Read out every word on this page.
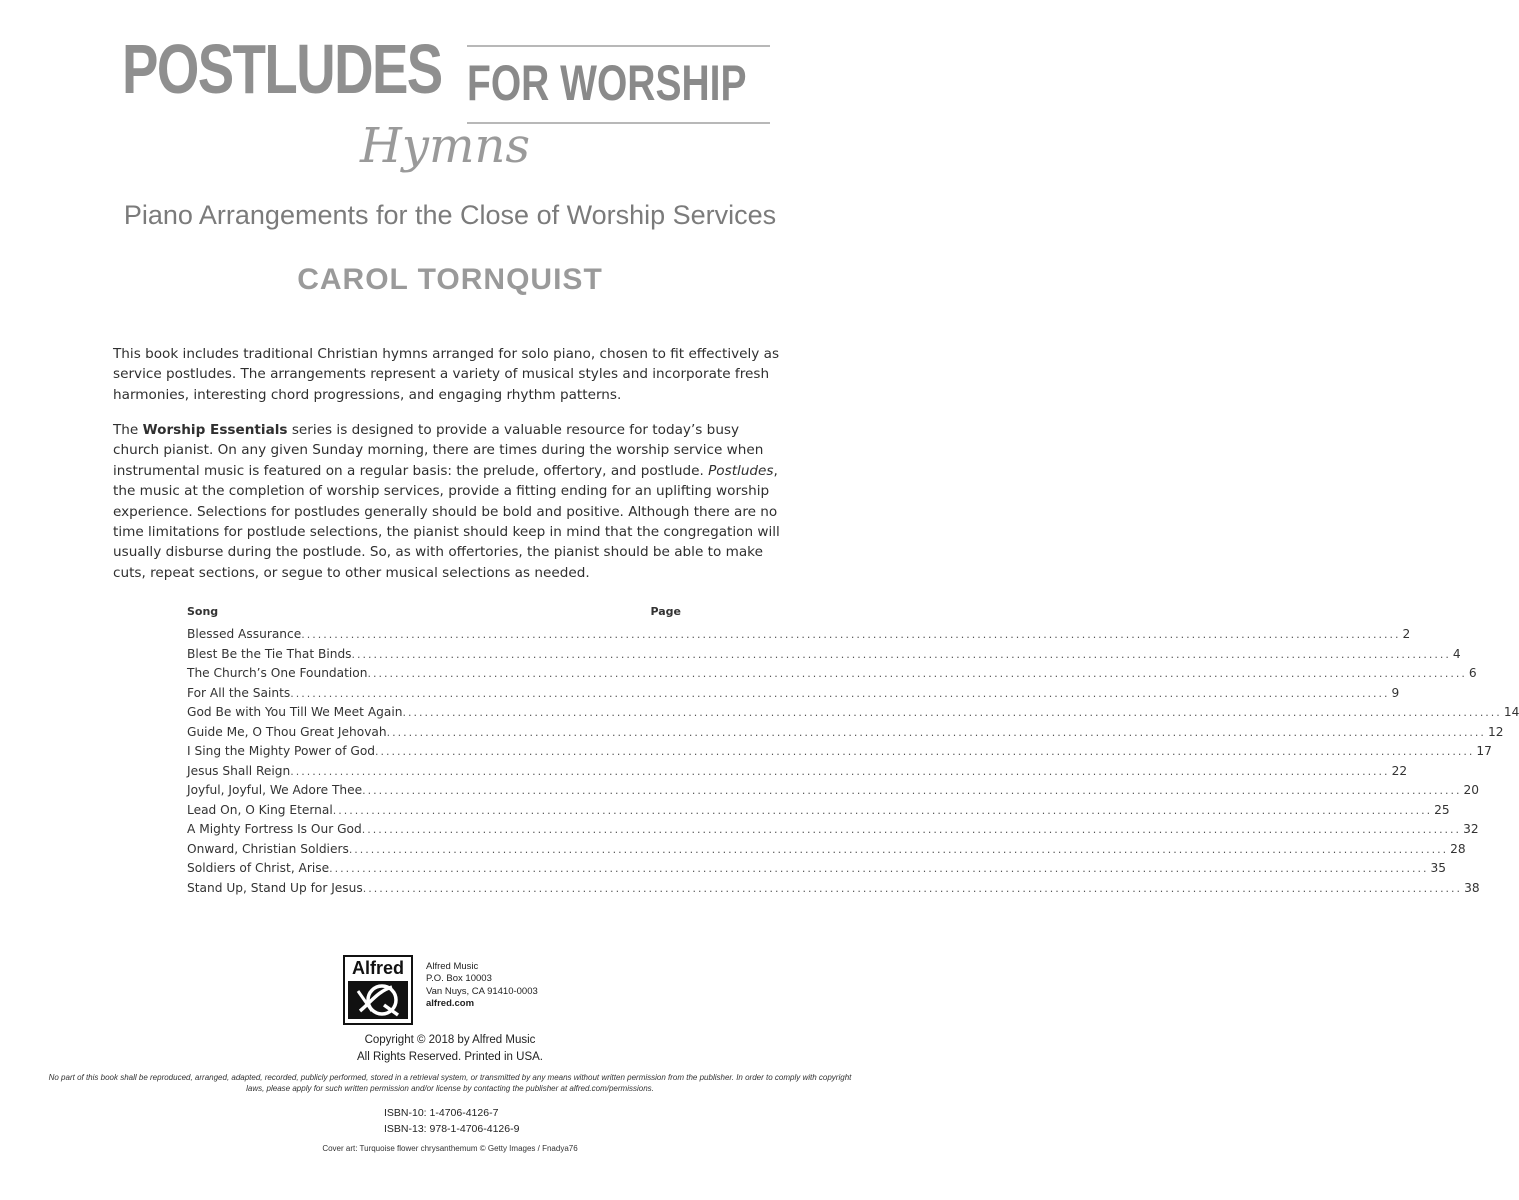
POSTLUDES FOR WORSHIP
Hymns
Piano Arrangements for the Close of Worship Services
CAROL TORNQUIST
This book includes traditional Christian hymns arranged for solo piano, chosen to fit effectively as service postludes. The arrangements represent a variety of musical styles and incorporate fresh harmonies, interesting chord progressions, and engaging rhythm patterns.
The Worship Essentials series is designed to provide a valuable resource for today’s busy church pianist. On any given Sunday morning, there are times during the worship service when instrumental music is featured on a regular basis: the prelude, offertory, and postlude. Postludes, the music at the completion of worship services, provide a fitting ending for an uplifting worship experience. Selections for postludes generally should be bold and positive. Although there are no time limitations for postlude selections, the pianist should keep in mind that the congregation will usually disburse during the postlude. So, as with offertories, the pianist should be able to make cuts, repeat sections, or segue to other musical selections as needed.
Song	Page
Blessed Assurance ........................................................................................................................................................................................................ 2
Blest Be the Tie That Binds ........................................................................................................................................................................................................ 4
The Church’s One Foundation ........................................................................................................................................................................................................ 6
For All the Saints ........................................................................................................................................................................................................ 9
God Be with You Till We Meet Again ........................................................................................................................................................................................................ 14
Guide Me, O Thou Great Jehovah ........................................................................................................................................................................................................ 12
I Sing the Mighty Power of God ........................................................................................................................................................................................................ 17
Jesus Shall Reign ........................................................................................................................................................................................................ 22
Joyful, Joyful, We Adore Thee ........................................................................................................................................................................................................ 20
Lead On, O King Eternal ........................................................................................................................................................................................................ 25
A Mighty Fortress Is Our God ........................................................................................................................................................................................................ 32
Onward, Christian Soldiers ........................................................................................................................................................................................................ 28
Soldiers of Christ, Arise ........................................................................................................................................................................................................ 35
Stand Up, Stand Up for Jesus ........................................................................................................................................................................................................ 38
Alfred	Alfred Music
P.O. Box 10003
Van Nuys, CA 91410-0003
alfred.com
Copyright © 2018 by Alfred Music
All Rights Reserved. Printed in USA.
No part of this book shall be reproduced, arranged, adapted, recorded, publicly performed, stored in a retrieval system, or transmitted by any means without written permission from the publisher. In order to comply with copyright laws, please apply for such written permission and/or license by contacting the publisher at alfred.com/permissions.
ISBN-10: 1-4706-4126-7
ISBN-13: 978-1-4706-4126-9
Cover art: Turquoise flower chrysanthemum © Getty Images / Fnadya76
